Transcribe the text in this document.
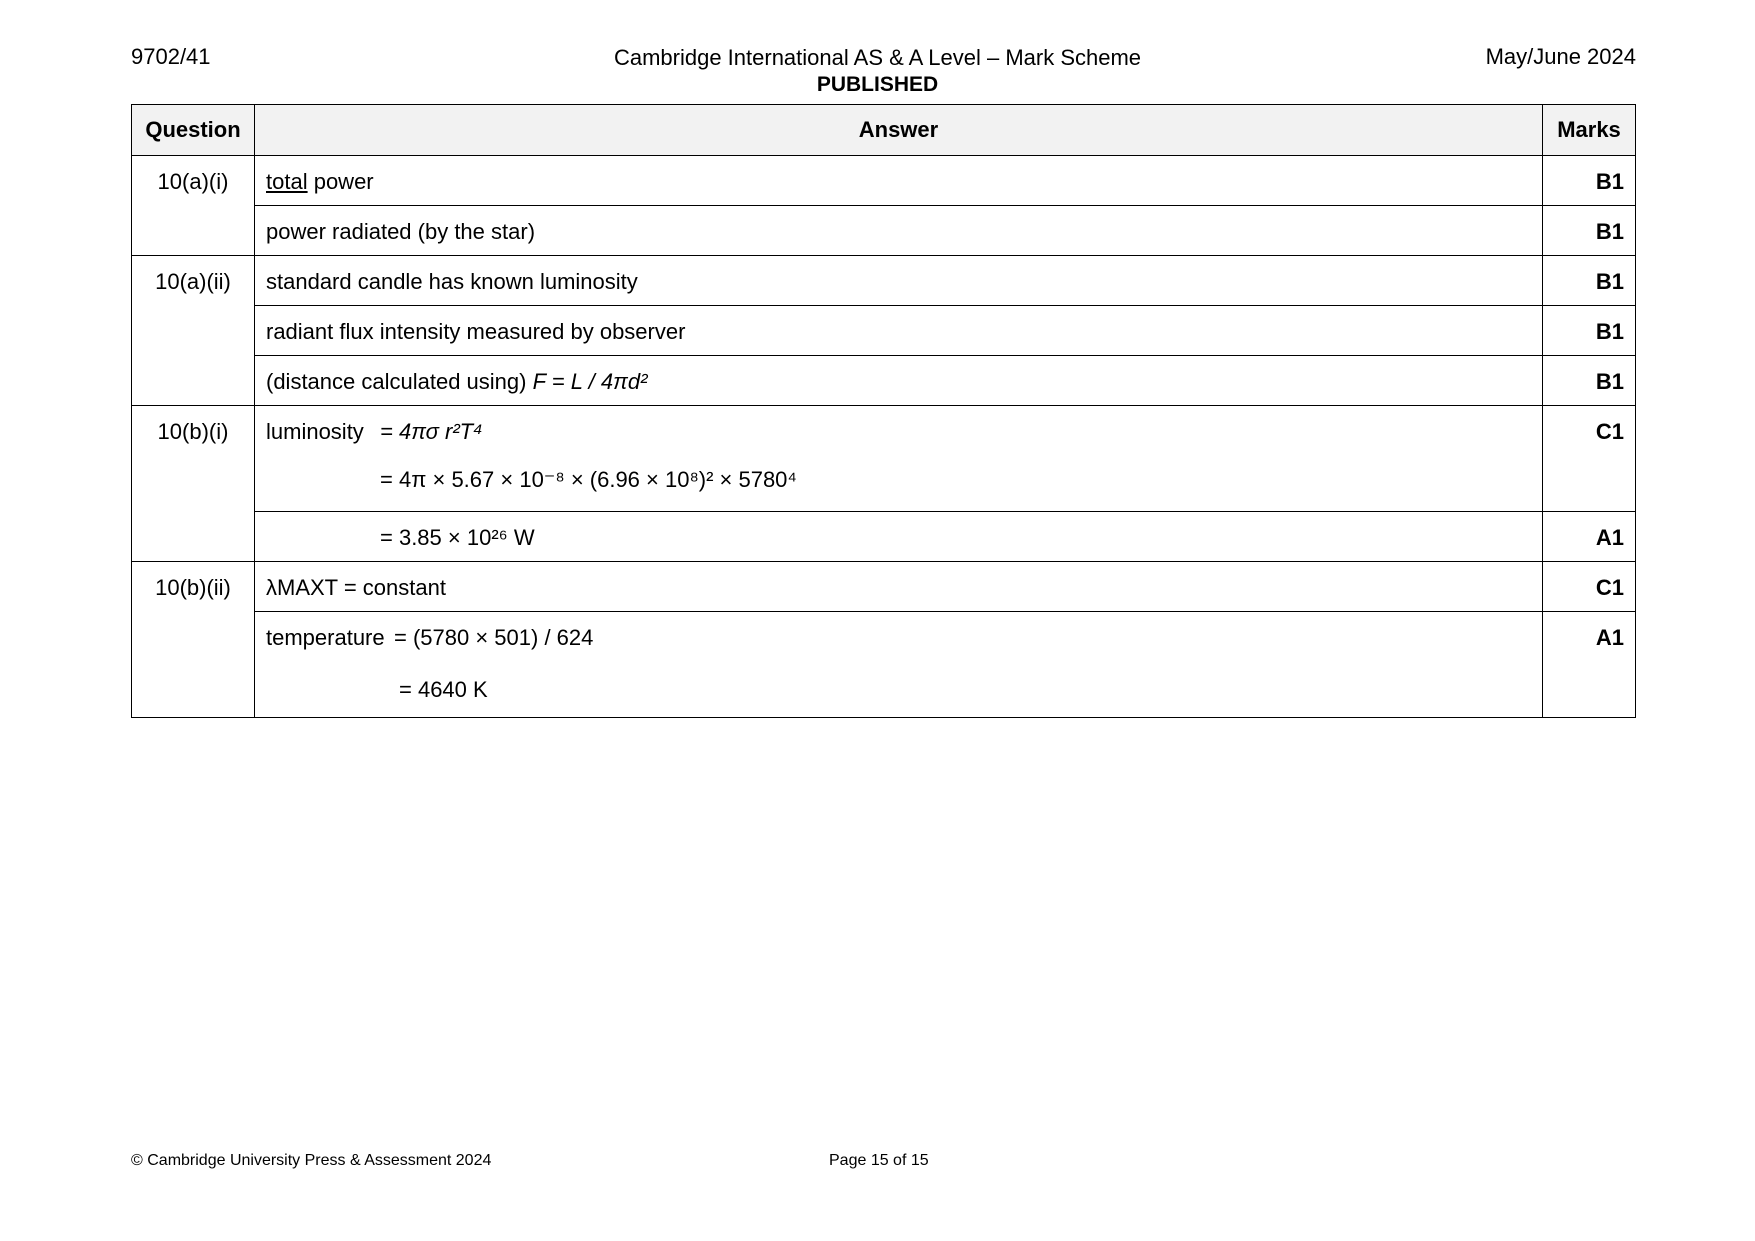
9702/41	Cambridge International AS & A Level – Mark Scheme
PUBLISHED
May/June 2024
Question	Answer	Marks
10(a)(i)	total power	B1

	power radiated (by the star)	B1
10(a)(ii)	standard candle has known luminosity	B1

	radiant flux intensity measured by observer	B1

	(distance calculated using) F = L / 4πd²	B1
10(b)(i)	luminosity = 4πσ r²T⁴
= 4π × 5.67 × 10⁻⁸ × (6.96 × 10⁸)² × 5780⁴	C1

	= 3.85 × 10²⁶ W	A1
10(b)(ii)	λMAXT = constant	C1

	temperature = (5780 × 501) / 624
= 4640 K	A1
© Cambridge University Press & Assessment 2024	Page 15 of 15
